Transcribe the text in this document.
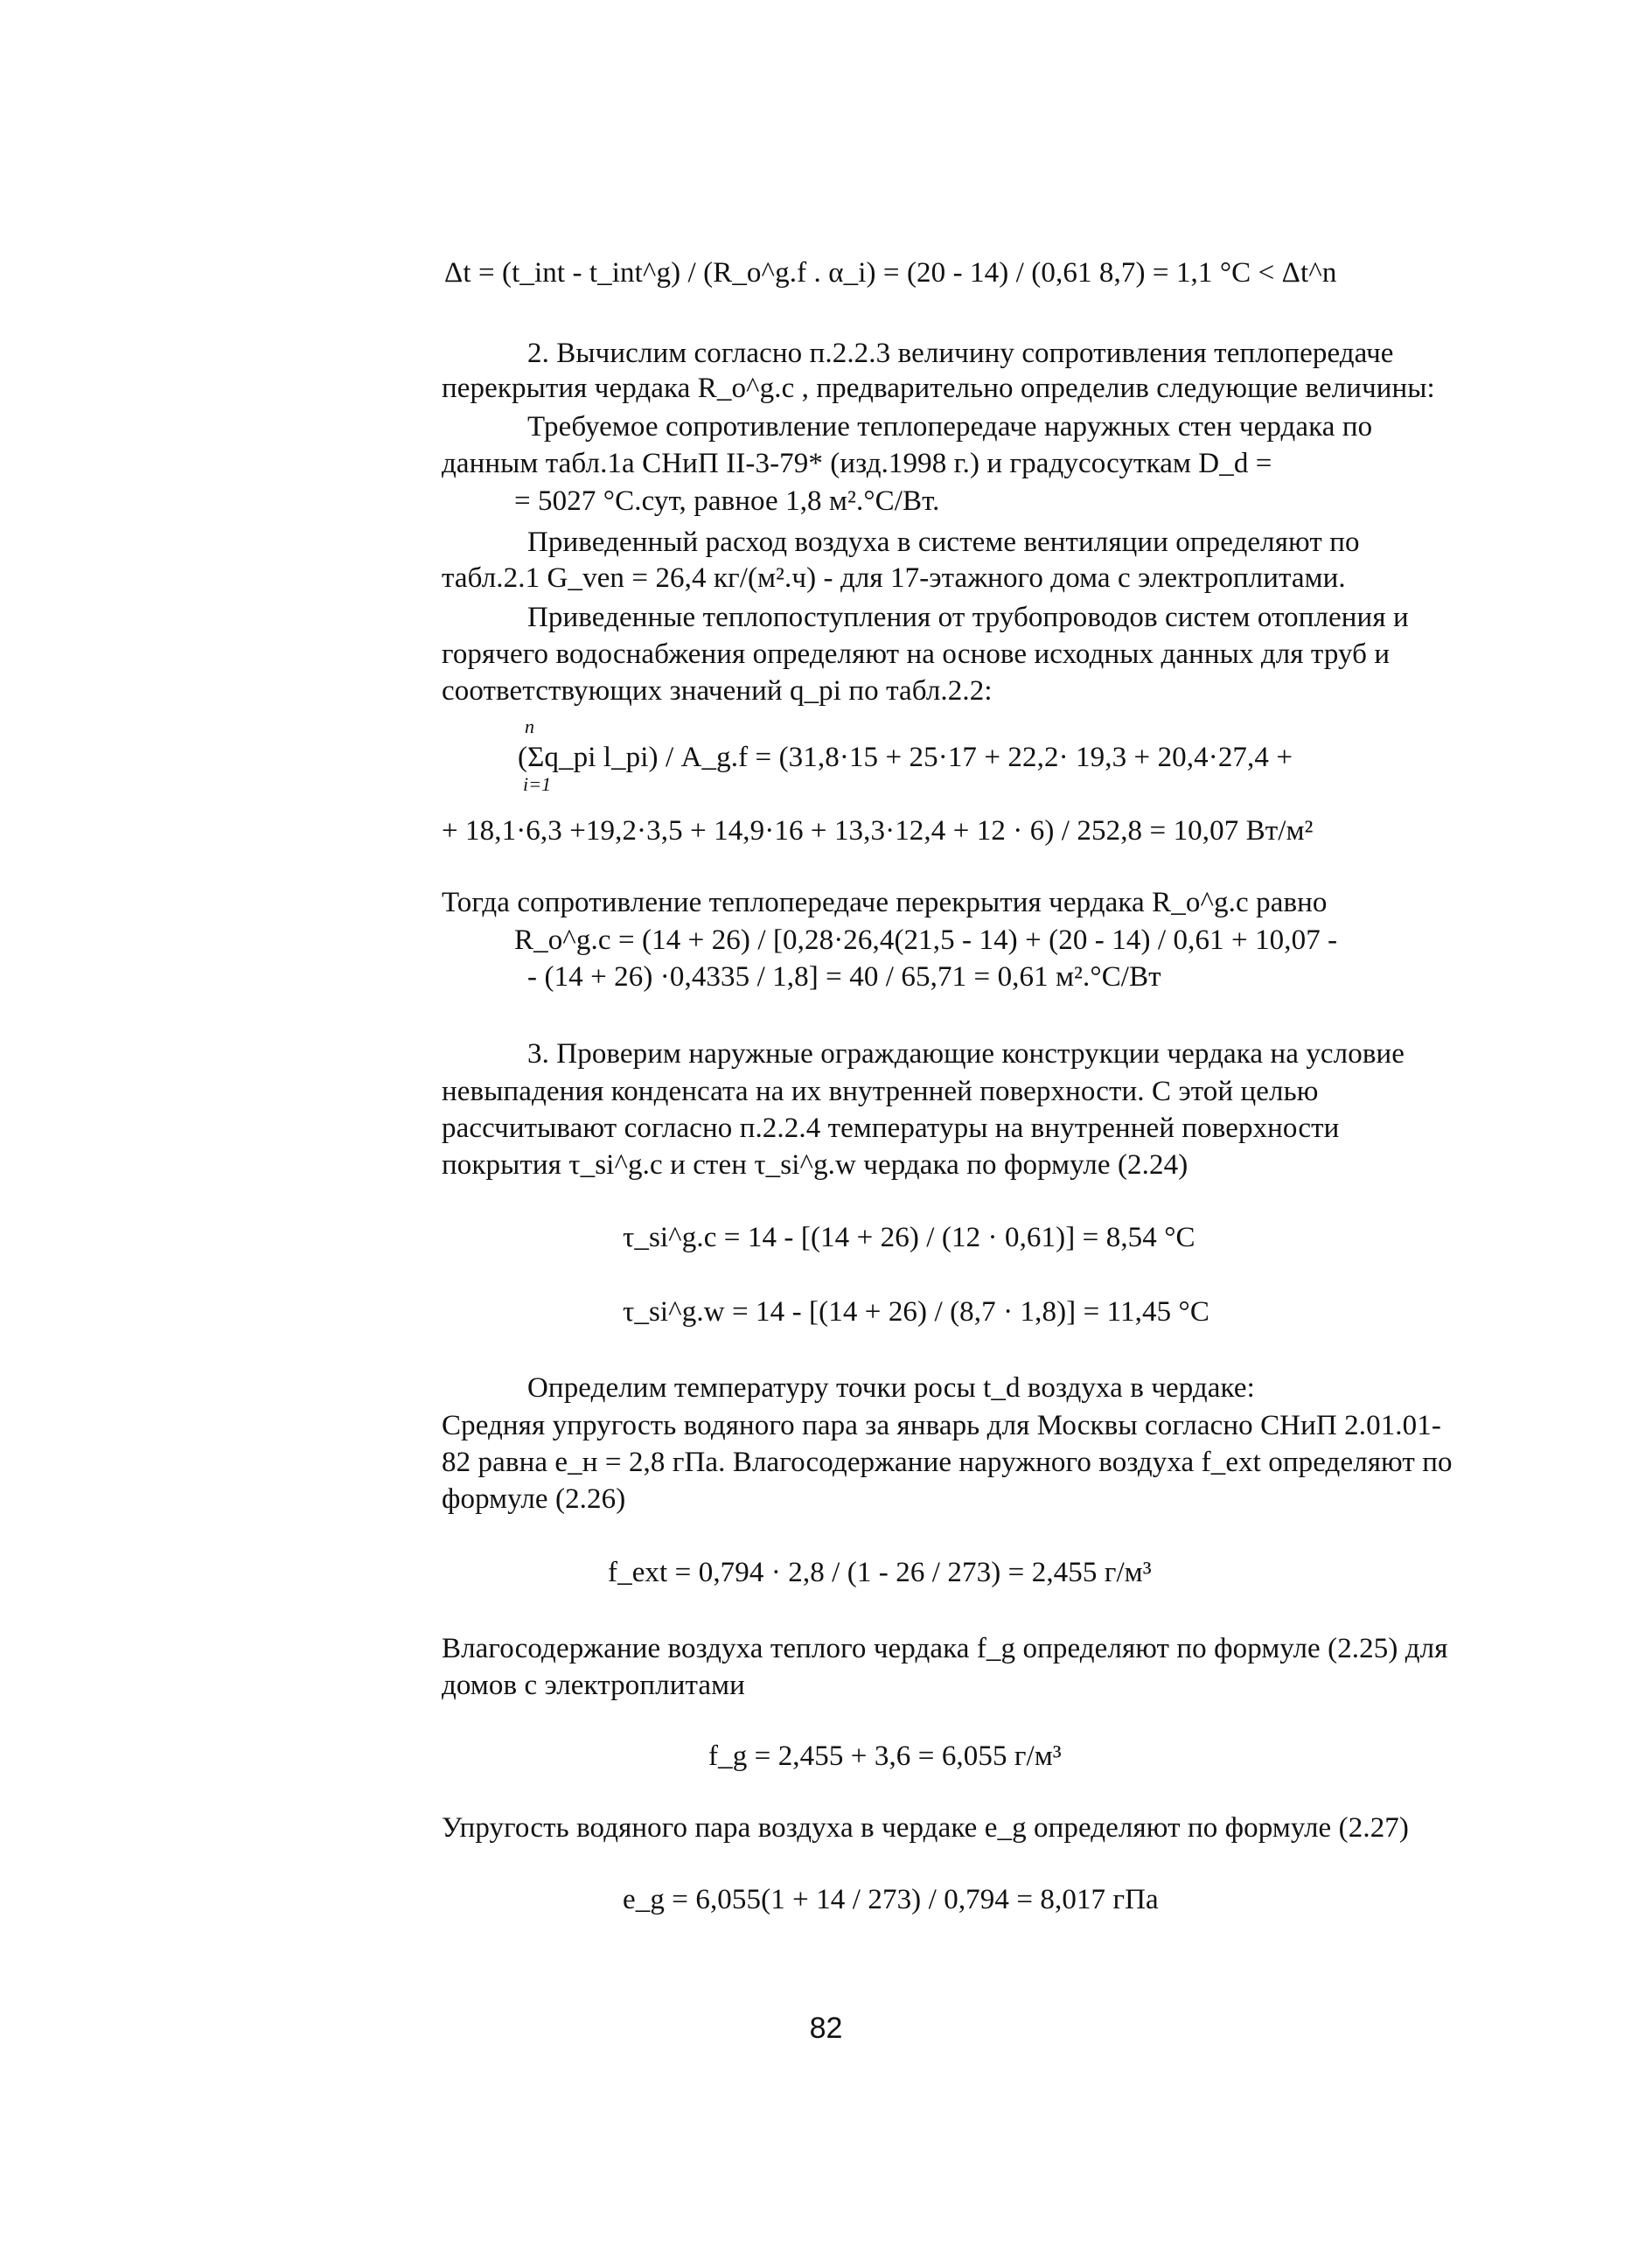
Δt = (t_int - t_int^g) / (R_o^g.f . α_i) = (20 - 14) / (0,61 8,7) = 1,1 °С < Δt^n
2. Вычислим согласно п.2.2.3 величину сопротивления теплопередаче
перекрытия чердака R_o^g.c , предварительно определив следующие величины:
Требуемое сопротивление теплопередаче наружных стен чердака по
данным табл.1а СНиП II-3-79* (изд.1998 г.) и градусосуткам D_d =
= 5027 °С.сут, равное 1,8 м².°С/Вт.
Приведенный расход воздуха в системе вентиляции определяют по
табл.2.1 G_ven = 26,4 кг/(м².ч) - для 17-этажного дома с электроплитами.
Приведенные теплопоступления от трубопроводов систем отопления и
горячего водоснабжения определяют на основе исходных данных для труб и
соответствующих значений q_pi по табл.2.2:
n
(Σq_pi l_pi) / A_g.f = (31,8·15 + 25·17 + 22,2· 19,3 + 20,4·27,4 +
i=1
+ 18,1·6,3 +19,2·3,5 + 14,9·16 + 13,3·12,4 + 12 · 6) / 252,8 = 10,07 Вт/м²
Тогда сопротивление теплопередаче перекрытия чердака R_o^g.c равно
R_o^g.c = (14 + 26) / [0,28·26,4(21,5 - 14) + (20 - 14) / 0,61 + 10,07 -
- (14 + 26) ·0,4335 / 1,8] = 40 / 65,71 = 0,61 м².°С/Вт
3. Проверим наружные ограждающие конструкции чердака на условие
невыпадения конденсата на их внутренней поверхности. С этой целью
рассчитывают согласно п.2.2.4 температуры на внутренней поверхности
покрытия τ_si^g.c и стен τ_si^g.w чердака по формуле (2.24)
τ_si^g.c = 14 - [(14 + 26) / (12 · 0,61)] = 8,54 °С
τ_si^g.w = 14 - [(14 + 26) / (8,7 · 1,8)] = 11,45 °С
Определим температуру точки росы t_d воздуха в чердаке:
Средняя упругость водяного пара за январь для Москвы согласно СНиП 2.01.01-
82 равна e_н = 2,8 гПа. Влагосодержание наружного воздуха f_ext определяют по
формуле (2.26)
f_ext = 0,794 · 2,8 / (1 - 26 / 273) = 2,455 г/м³
Влагосодержание воздуха теплого чердака f_g определяют по формуле (2.25) для
домов с электроплитами
f_g = 2,455 + 3,6 = 6,055 г/м³
Упругость водяного пара воздуха в чердаке e_g определяют по формуле (2.27)
e_g = 6,055(1 + 14 / 273) / 0,794 = 8,017 гПа
82
